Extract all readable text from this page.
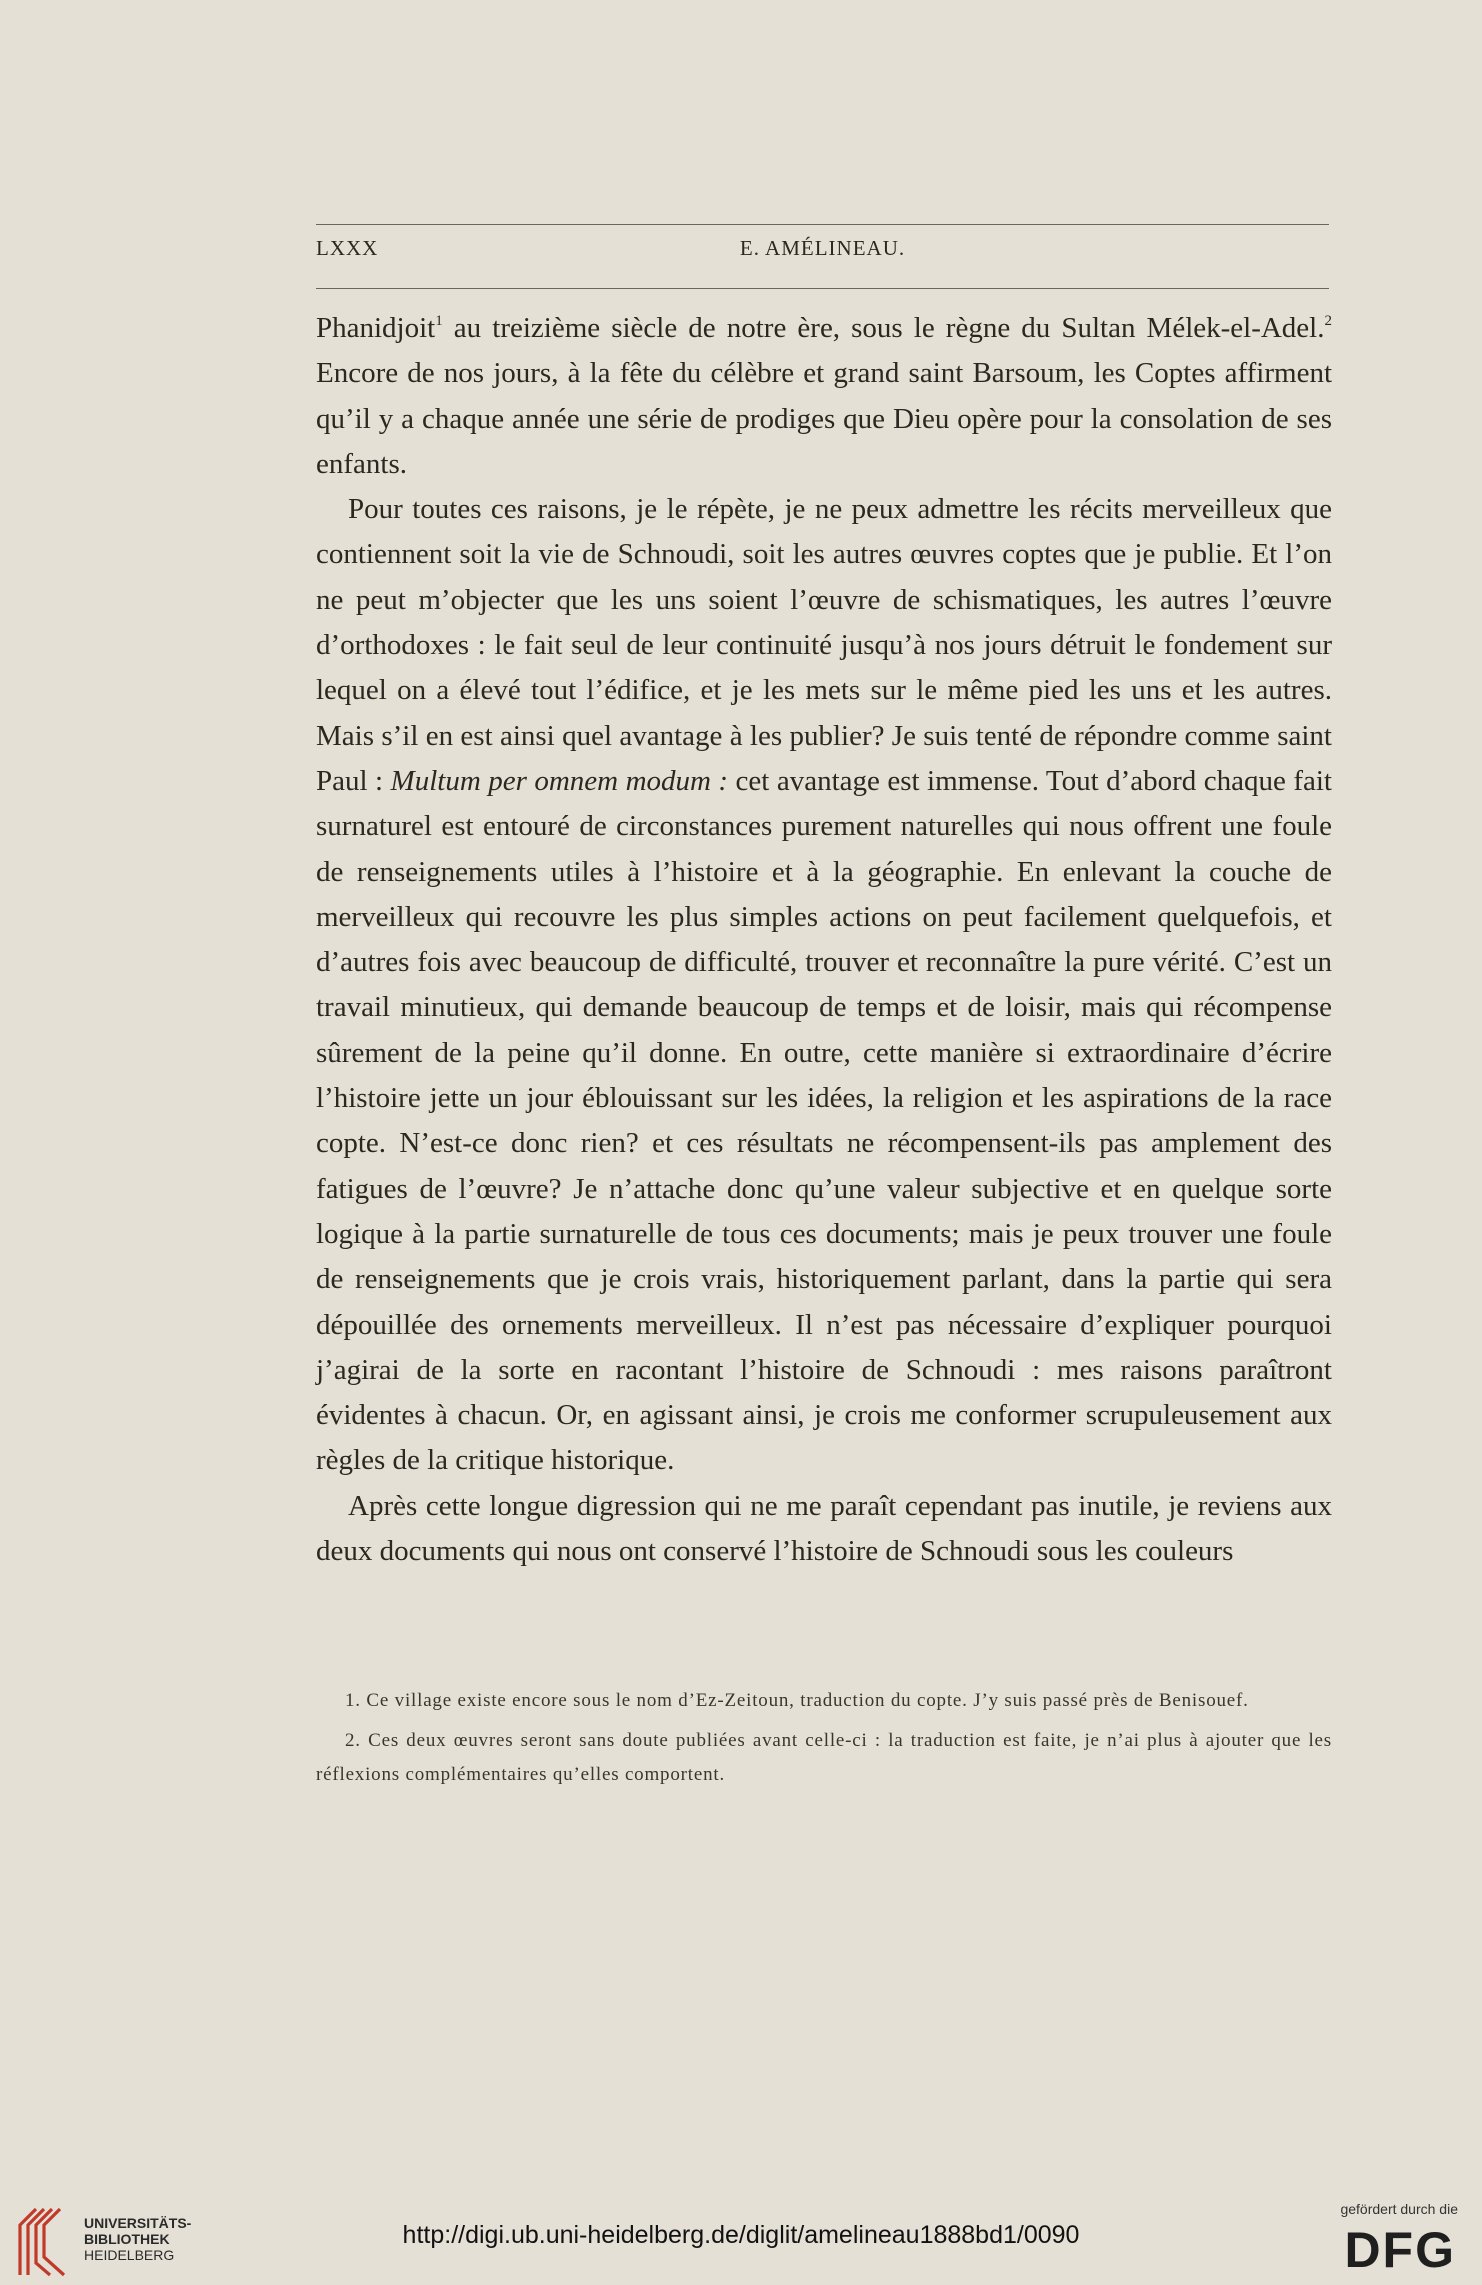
LXXX	E. AMÉLINEAU.

Phanidjoit$^1$ au treizième siècle de notre ère, sous le règne du Sultan Mélek-el-Adel.$^2$ Encore de nos jours, à la fête du célèbre et grand saint Barsoum, les Coptes affirment qu’il y a chaque année une série de prodiges que Dieu opère pour la consolation de ses enfants.

Pour toutes ces raisons, je le répète, je ne peux admettre les récits merveilleux que contiennent soit la vie de Schnoudi, soit les autres œuvres coptes que je publie. Et l’on ne peut m’objecter que les uns soient l’œuvre de schismatiques, les autres l’œuvre d’orthodoxes : le fait seul de leur continuité jusqu’à nos jours détruit le fondement sur lequel on a élevé tout l’édifice, et je les mets sur le même pied les uns et les autres. Mais s’il en est ainsi quel avantage à les publier? Je suis tenté de répondre comme saint Paul : Multum per omnem modum : cet avantage est immense. Tout d’abord chaque fait surnaturel est entouré de circonstances purement naturelles qui nous offrent une foule de renseignements utiles à l’histoire et à la géographie. En enlevant la couche de merveilleux qui recouvre les plus simples actions on peut facilement quelquefois, et d’autres fois avec beaucoup de difficulté, trouver et reconnaître la pure vérité. C’est un travail minutieux, qui demande beaucoup de temps et de loisir, mais qui récompense sûrement de la peine qu’il donne. En outre, cette manière si extraordinaire d’écrire l’histoire jette un jour éblouissant sur les idées, la religion et les aspirations de la race copte. N’est-ce donc rien? et ces résultats ne récompensent-ils pas amplement des fatigues de l’œuvre? Je n’attache donc qu’une valeur subjective et en quelque sorte logique à la partie surnaturelle de tous ces documents; mais je peux trouver une foule de renseignements que je crois vrais, historiquement parlant, dans la partie qui sera dépouillée des ornements merveilleux. Il n’est pas nécessaire d’expliquer pourquoi j’agirai de la sorte en racontant l’histoire de Schnoudi : mes raisons paraîtront évidentes à chacun. Or, en agissant ainsi, je crois me conformer scrupuleusement aux règles de la critique historique.

Après cette longue digression qui ne me paraît cependant pas inutile, je reviens aux deux documents qui nous ont conservé l’histoire de Schnoudi sous les couleurs

1. Ce village existe encore sous le nom d’Ez-Zeitoun, traduction du copte. J’y suis passé près de Benisouef.

2. Ces deux œuvres seront sans doute publiées avant celle-ci : la traduction est faite, je n’ai plus à ajouter que les réflexions complémentaires qu’elles comportent.

UNIVERSITÄTS-
BIBLIOTHEK
HEIDELBERG
http://digi.ub.uni-heidelberg.de/diglit/amelineau1888bd1/0090
gefördert durch die
DFG
